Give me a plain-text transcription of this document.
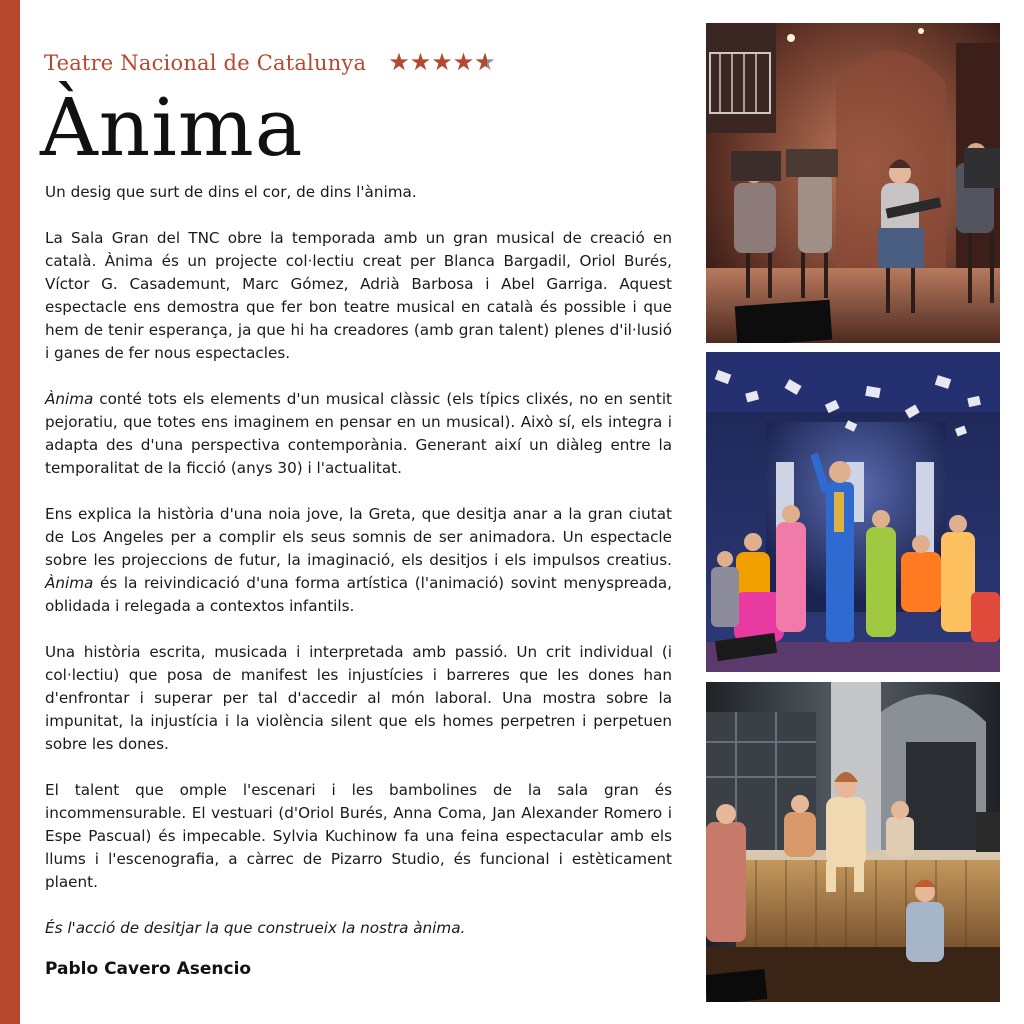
Teatre Nacional de Catalunya ★ ★ ★ ★
★ ★
Ànima

Un desig que surt de dins el cor, de dins l'ànima.

La Sala Gran del TNC obre la temporada amb un gran musical de creació en català. Ànima és un projecte col·lectiu creat per Blanca Bargadil, Oriol Burés, Víctor G. Casademunt, Marc Gómez, Adrià Barbosa i Abel Garriga. Aquest espectacle ens demostra que fer bon teatre musical en català és possible i que hem de tenir esperança, ja que hi ha creadores (amb gran talent) plenes d'il·lusió i ganes de fer nous espectacles.

Ànima conté tots els elements d'un musical clàssic (els típics clixés, no en sentit pejoratiu, que totes ens imaginem en pensar en un musical). Això sí, els integra i adapta des d'una perspectiva contemporània. Generant així un diàleg entre la temporalitat de la ficció (anys 30) i l'actualitat.

Ens explica la història d'una noia jove, la Greta, que desitja anar a la gran ciutat de Los Angeles per a complir els seus somnis de ser animadora. Un espectacle sobre les projeccions de futur, la imaginació, els desitjos i els impulsos creatius. Ànima és la reivindicació d'una forma artística (l'animació) sovint menyspreada, oblidada i relegada a contextos infantils.

Una història escrita, musicada i interpretada amb passió. Un crit individual (i col·lectiu) que posa de manifest les injustícies i barreres que les dones han d'enfrontar i superar per tal d'accedir al món laboral. Una mostra sobre la impunitat, la injustícia i la violència silent que els homes perpetren i perpetuen sobre les dones.

El talent que omple l'escenari i les bambolines de la sala gran és incommensurable. El vestuari (d'Oriol Burés, Anna Coma, Jan Alexander Romero i Espe Pascual) és impecable. Sylvia Kuchinow fa una feina espectacular amb els llums i l'escenografia, a càrrec de Pizarro Studio, és funcional i estèticament plaent.

És l'acció de desitjar la que construeix la nostra ànima.

Pablo Cavero Asencio
